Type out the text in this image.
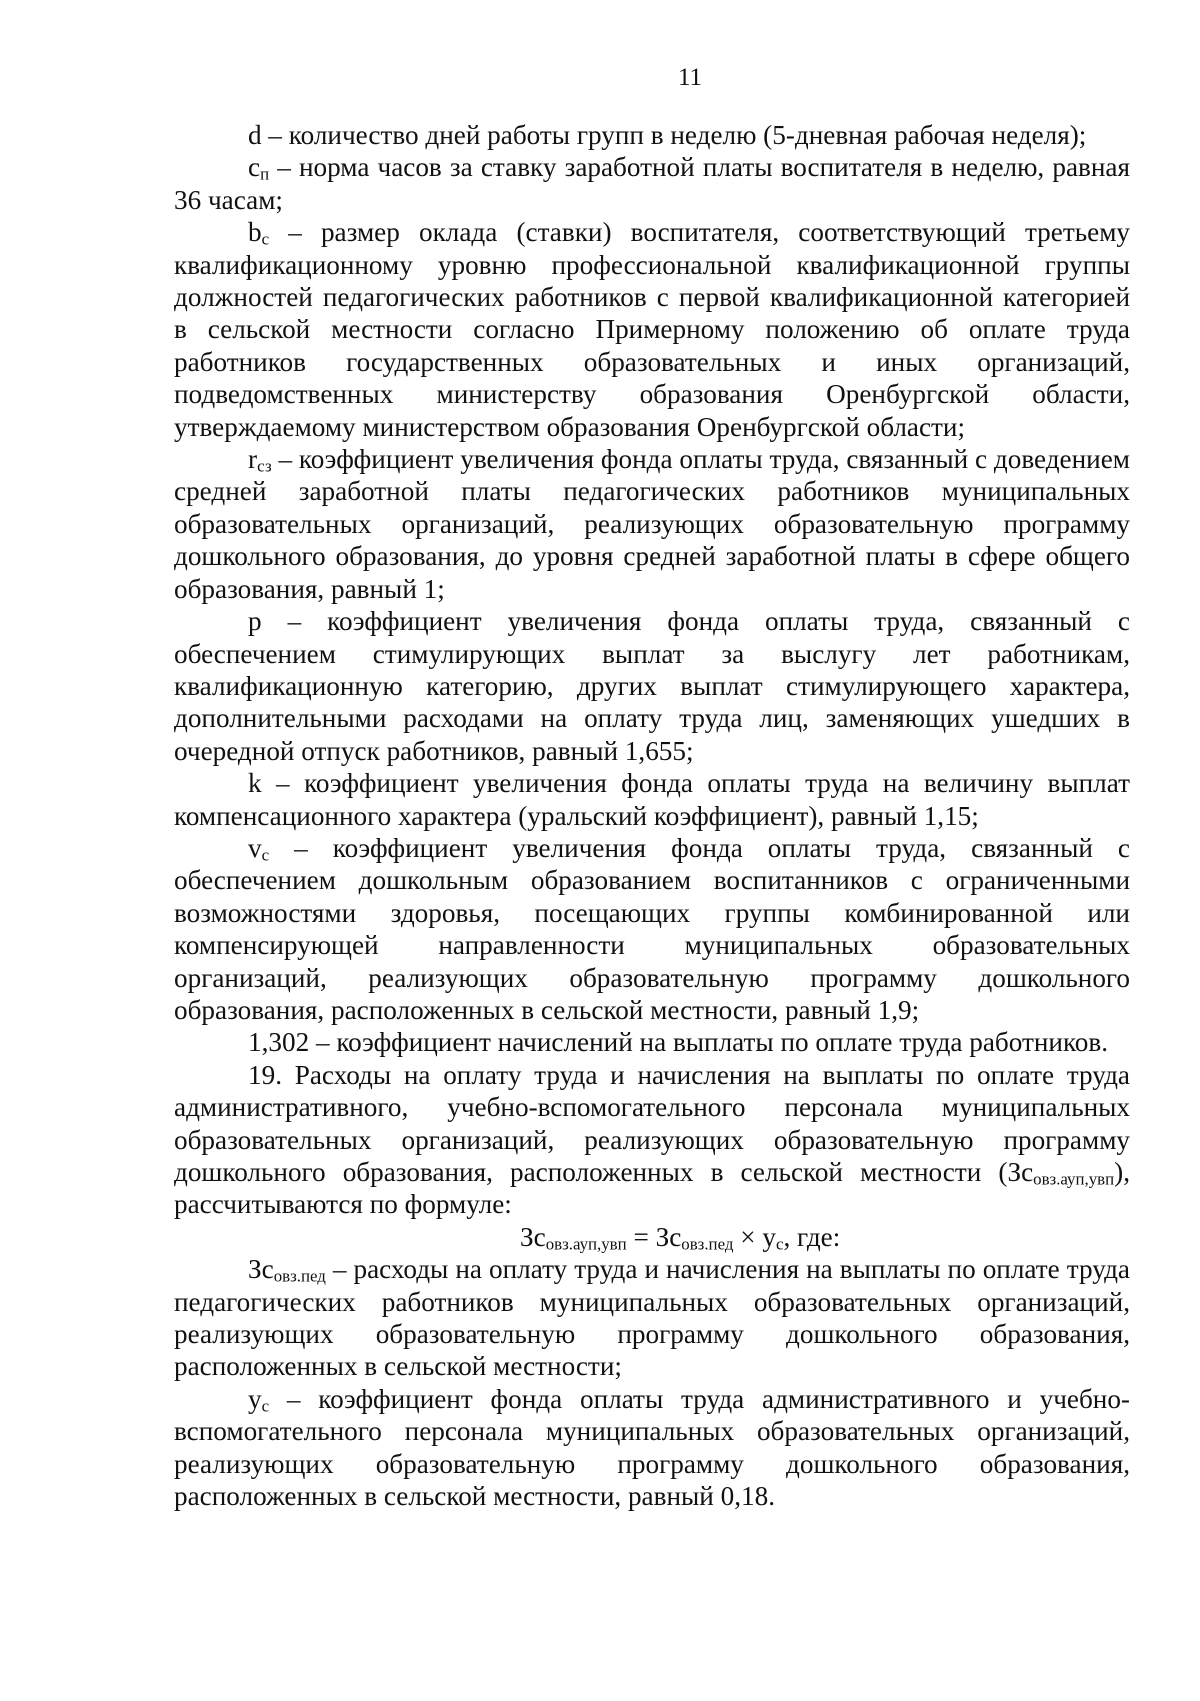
11

d – количество дней работы групп в неделю (5-дневная рабочая неделя);

$c_п$ – норма часов за ставку заработной платы воспитателя в неделю, равная 36 часам;

$b_с$ – размер оклада (ставки) воспитателя, соответствующий третьему квалификационному уровню профессиональной квалификационной группы должностей педагогических работников с первой квалификационной категорией в сельской местности согласно Примерному положению об оплате труда работников государственных образовательных и иных организаций, подведомственных министерству образования Оренбургской области, утверждаемому министерством образования Оренбургской области;

$r_{сз}$ – коэффициент увеличения фонда оплаты труда, связанный с доведением средней заработной платы педагогических работников муниципальных образовательных организаций, реализующих образовательную программу дошкольного образования, до уровня средней заработной платы в сфере общего образования, равный 1;

p – коэффициент увеличения фонда оплаты труда, связанный с обеспечением стимулирующих выплат за выслугу лет работникам, квалификационную категорию, других выплат стимулирующего характера, дополнительными расходами на оплату труда лиц, заменяющих ушедших в очередной отпуск работников, равный 1,655;

k – коэффициент увеличения фонда оплаты труда на величину выплат компенсационного характера (уральский коэффициент), равный 1,15;

$v_с$ – коэффициент увеличения фонда оплаты труда, связанный с обеспечением дошкольным образованием воспитанников с ограниченными возможностями здоровья, посещающих группы комбинированной или компенсирующей направленности муниципальных образовательных организаций, реализующих образовательную программу дошкольного образования, расположенных в сельской местности, равный 1,9;

1,302 – коэффициент начислений на выплаты по оплате труда работников.

19. Расходы на оплату труда и начисления на выплаты по оплате труда административного, учебно-вспомогательного персонала муниципальных образовательных организаций, реализующих образовательную программу дошкольного образования, расположенных в сельской местности $(Зс_{овз.ауп,увп})$, рассчитываются по формуле:

$Зс_{овз.ауп,увп} = Зс_{овз.пед} \times у_с$, где:

$Зс_{овз.пед}$ – расходы на оплату труда и начисления на выплаты по оплате труда педагогических работников муниципальных образовательных организаций, реализующих образовательную программу дошкольного образования, расположенных в сельской местности;

$у_с$ – коэффициент фонда оплаты труда административного и учебно-вспомогательного персонала муниципальных образовательных организаций, реализующих образовательную программу дошкольного образования, расположенных в сельской местности, равный 0,18.
